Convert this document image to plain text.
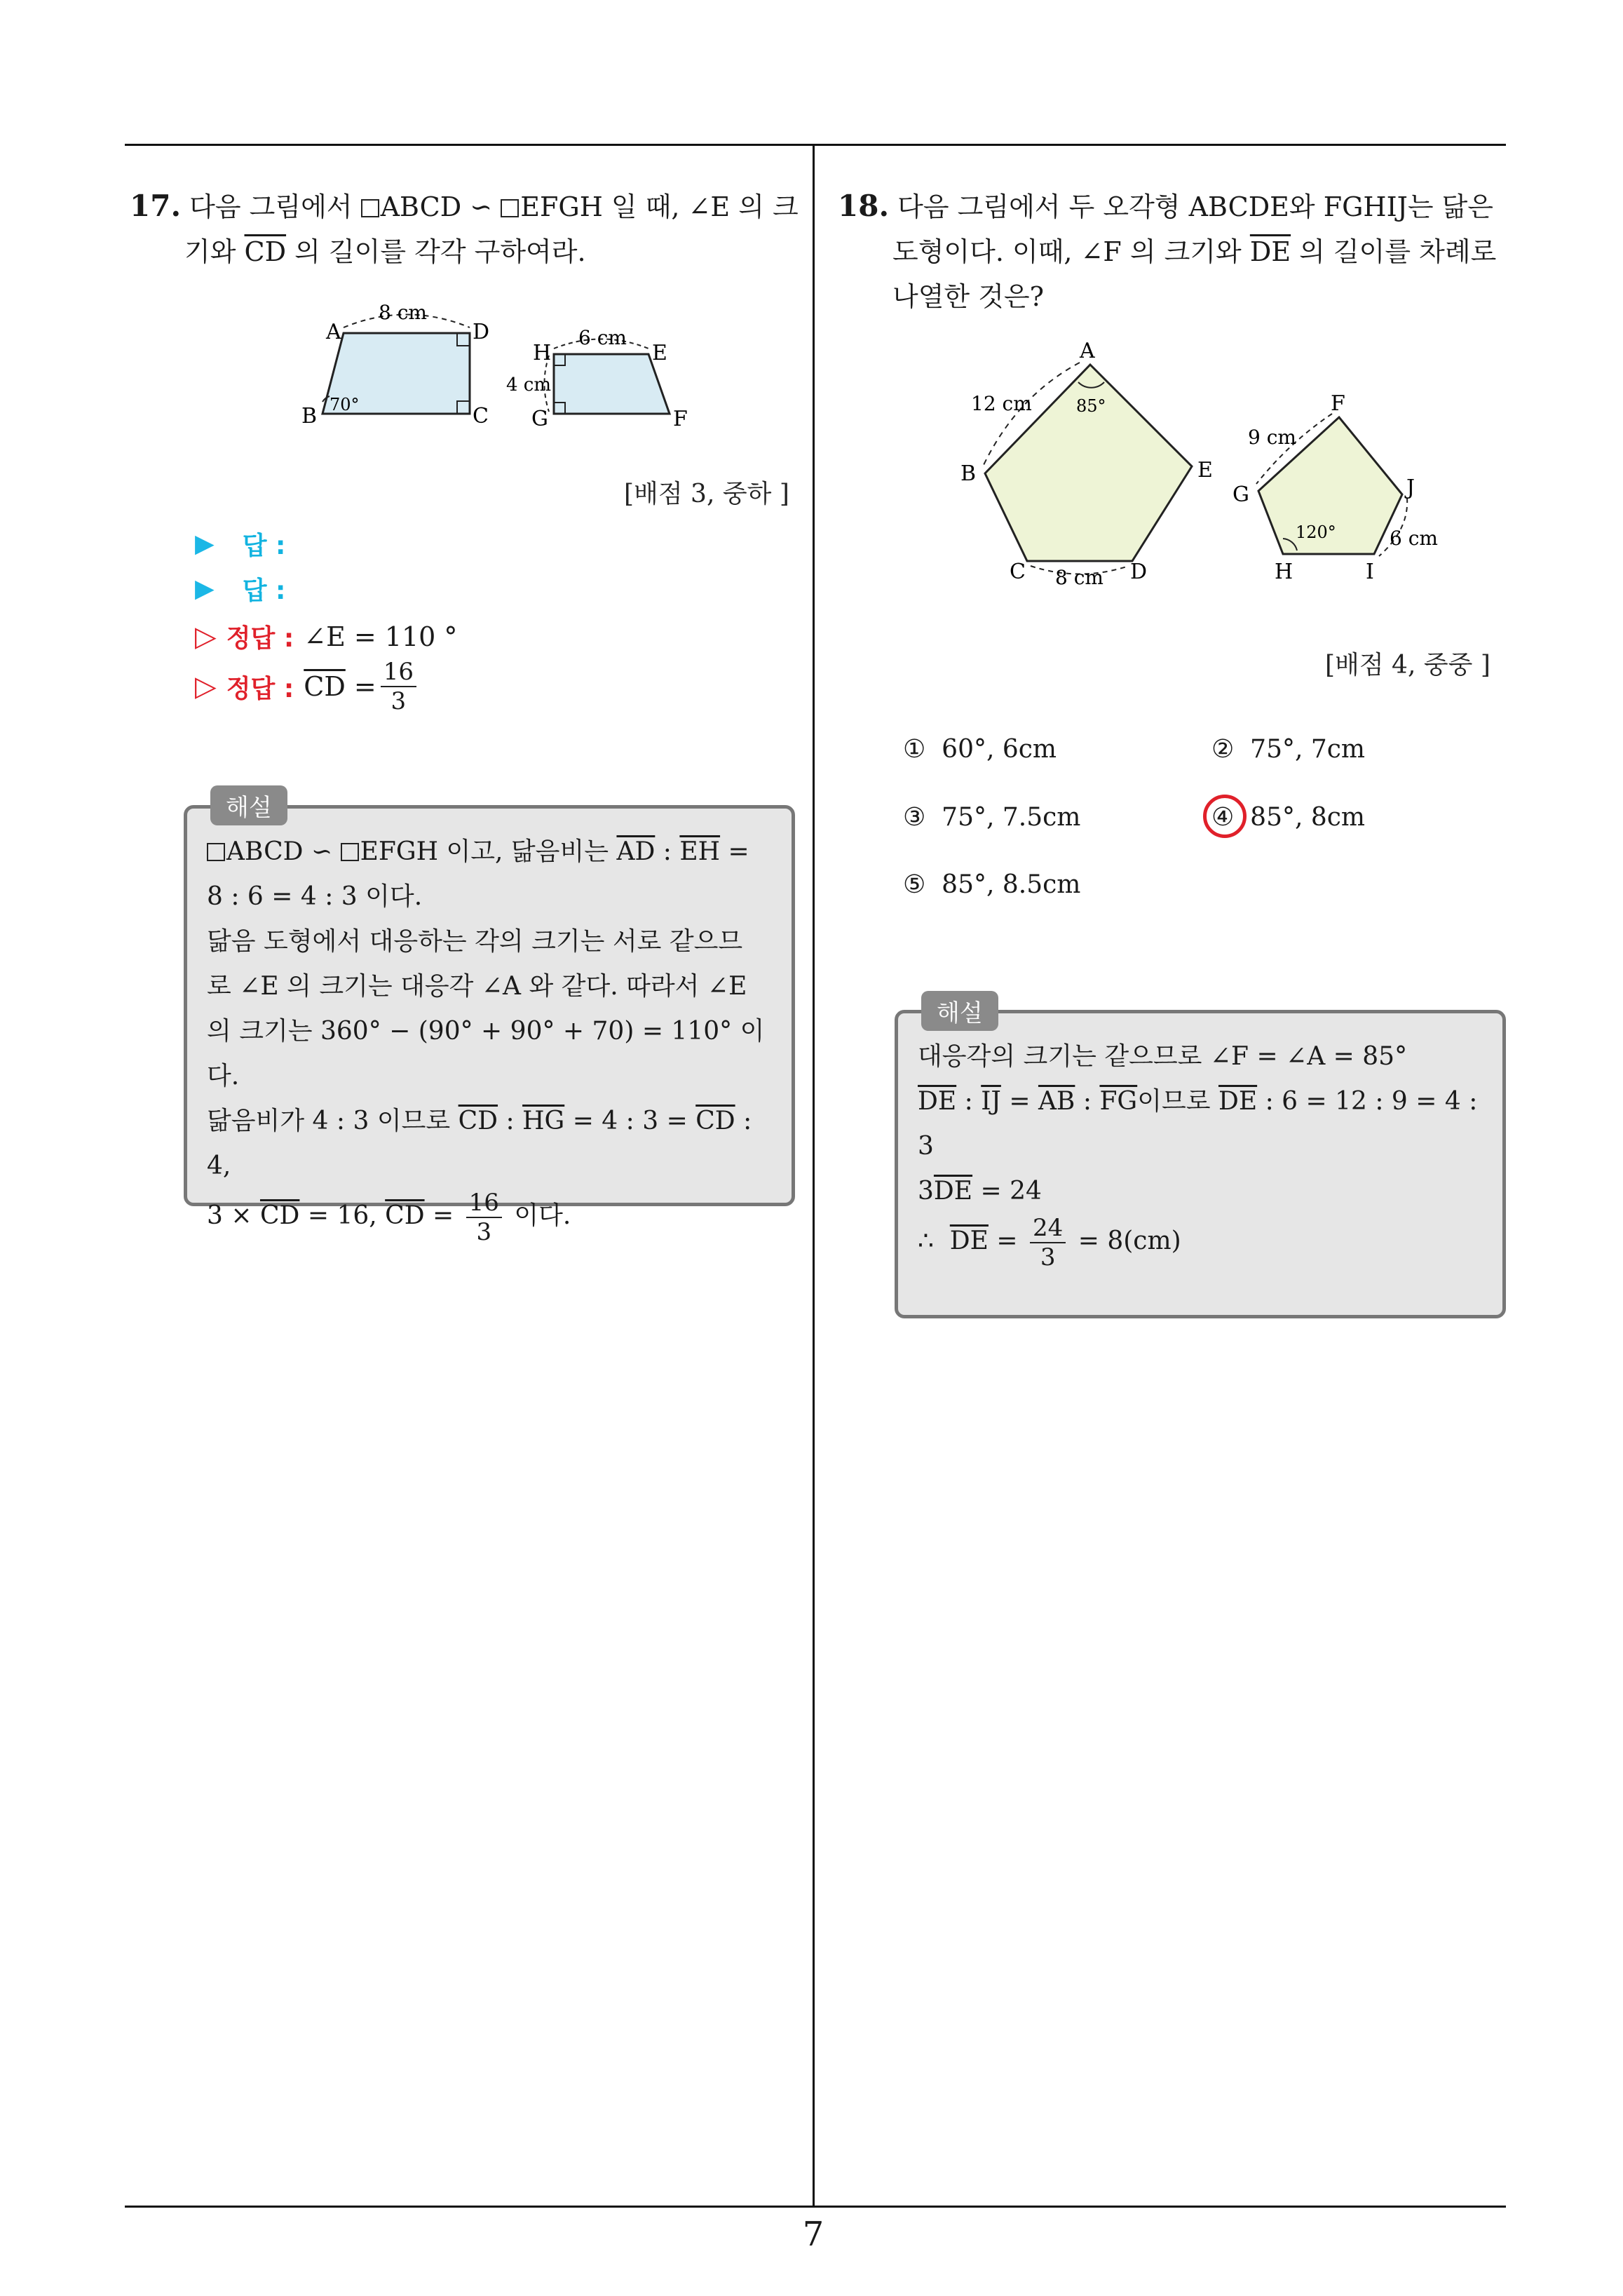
7
17. 다음 그림에서 ABCD ∽ EFGH 일 때, ∠E 의 크
기와 $\overline{CD}$ 의 길이를 각각 구하여라.
A	D
B	C
8 cm
70°
H	E
G	F
6 cm
4 cm
[배점 3, 중하 ]
▶ 답 :
▶ 답 :
▷ 정답 : ∠E = 110 °
▷ 정답 : $\overline{CD}$
= $\frac{16}{3}$
ABCD ∽ EFGH 이고, 닮음비는 $\overline{AD}$ : $\overline{EH}$ =
8 : 6 = 4 : 3 이다.
닮음 도형에서 대응하는 각의 크기는 서로 같으므
로 ∠E 의 크기는 대응각 ∠A 와 같다. 따라서 ∠E
의 크기는 360° − (90° + 90° + 70) = 110° 이다.
닮음비가 4 : 3 이므로 $\overline{CD}$ : $\overline{HG} = 4$ : $3 = \overline{CD}$ : 4,
$3 \times \overline{CD} = 16$, $\overline{CD} = \frac{16}{3}$ 이다.
해설
18. 다음 그림에서 두 오각형 ABCDE와 FGHIJ는 닮은
도형이다. 이때, ∠F 의 크기와 $\overline{DE}$ 의 길이를 차례로
나열한 것은?
A
B
C	D
E
12 cm
8 cm
85°	F
G
H	I
J
9 cm
6 cm
120°
[배점 4, 중중 ]
① 60°, 6cm	② 75°, 7cm
③ 75°, 7.5cm	④ 85°, 8cm
⑤ 85°, 8.5cm
대응각의 크기는 같으므로 ∠F = ∠A = 85°
$\overline{DE}$ : $\overline{IJ} = \overline{AB}$ : $\overline{FG}$이므로 $\overline{DE}$ : 6 = 12 : 9 = 4 :
3
$3\overline{DE} = 24$
∴ $\overline{DE} = \frac{24}{3} = 8(cm)$
해설
